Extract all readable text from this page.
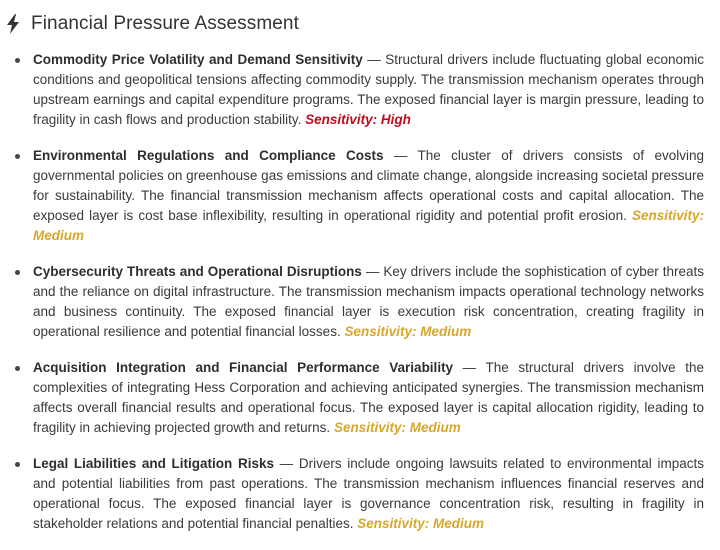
Financial Pressure Assessment
Commodity Price Volatility and Demand Sensitivity — Structural drivers include fluctuating global economic conditions and geopolitical tensions affecting commodity supply. The transmission mechanism operates through upstream earnings and capital expenditure programs. The exposed financial layer is margin pressure, leading to fragility in cash flows and production stability. Sensitivity: High
Environmental Regulations and Compliance Costs — The cluster of drivers consists of evolving governmental policies on greenhouse gas emissions and climate change, alongside increasing societal pressure for sustainability. The financial transmission mechanism affects operational costs and capital allocation. The exposed layer is cost base inflexibility, resulting in operational rigidity and potential profit erosion. Sensitivity: Medium
Cybersecurity Threats and Operational Disruptions — Key drivers include the sophistication of cyber threats and the reliance on digital infrastructure. The transmission mechanism impacts operational technology networks and business continuity. The exposed financial layer is execution risk concentration, creating fragility in operational resilience and potential financial losses. Sensitivity: Medium
Acquisition Integration and Financial Performance Variability — The structural drivers involve the complexities of integrating Hess Corporation and achieving anticipated synergies. The transmission mechanism affects overall financial results and operational focus. The exposed layer is capital allocation rigidity, leading to fragility in achieving projected growth and returns. Sensitivity: Medium
Legal Liabilities and Litigation Risks — Drivers include ongoing lawsuits related to environmental impacts and potential liabilities from past operations. The transmission mechanism influences financial reserves and operational focus. The exposed financial layer is governance concentration risk, resulting in fragility in stakeholder relations and potential financial penalties. Sensitivity: Medium
